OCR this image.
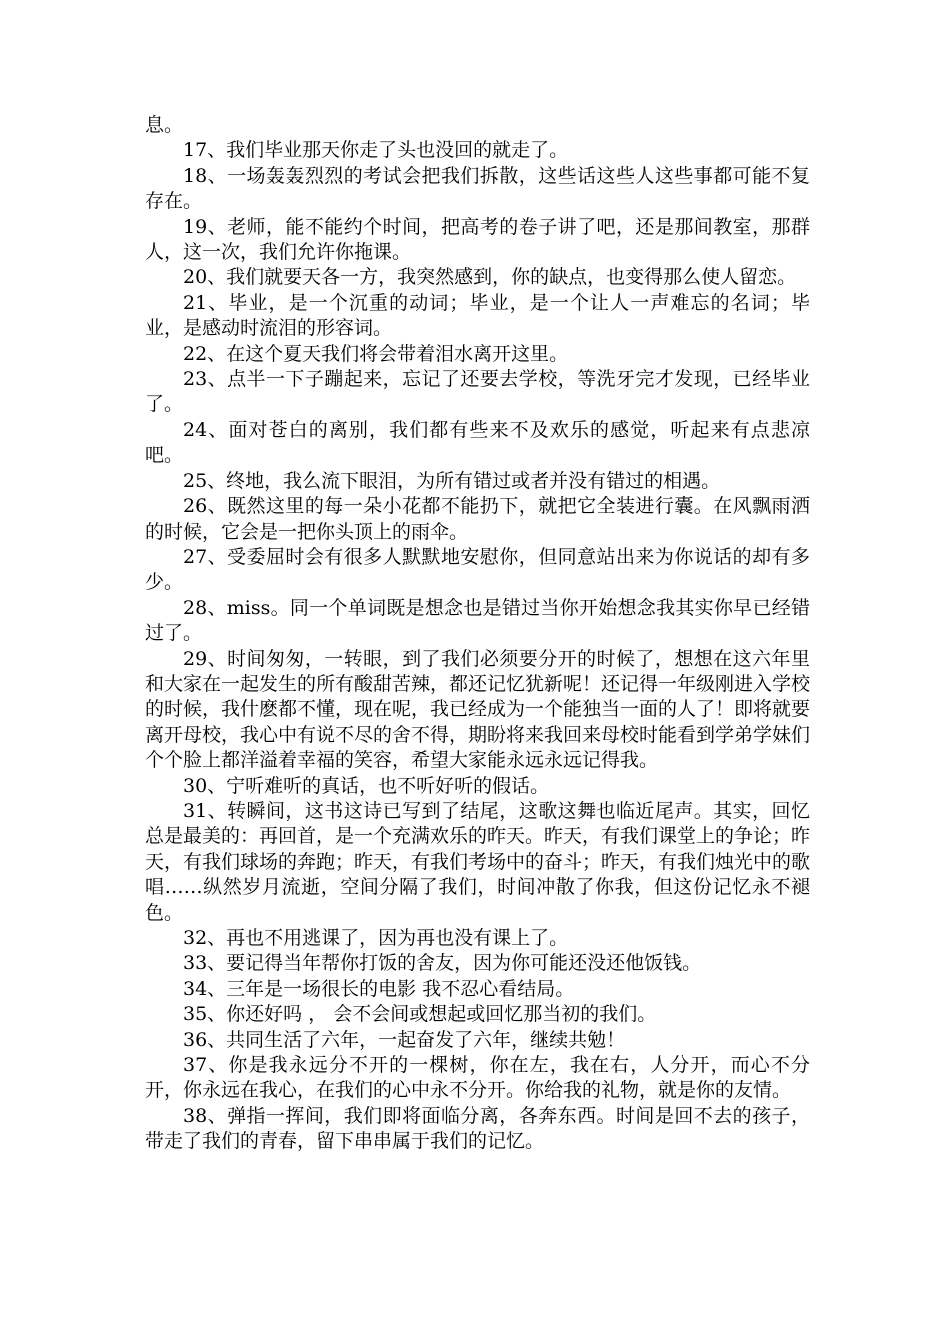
息。

17、我们毕业那天你走了头也没回的就走了。

18、一场轰轰烈烈的考试会把我们拆散，这些话这些人这些事都可能不复存在。

19、老师，能不能约个时间，把高考的卷子讲了吧，还是那间教室，那群人，这一次，我们允许你拖课。

20、我们就要天各一方，我突然感到，你的缺点，也变得那么使人留恋。

21、毕业，是一个沉重的动词；毕业，是一个让人一声难忘的名词；毕业，是感动时流泪的形容词。

22、在这个夏天我们将会带着泪水离开这里。

23、点半一下子蹦起来，忘记了还要去学校，等洗牙完才发现，已经毕业了。

24、面对苍白的离别，我们都有些来不及欢乐的感觉，听起来有点悲凉吧。

25、终地，我么流下眼泪，为所有错过或者并没有错过的相遇。

26、既然这里的每一朵小花都不能扔下，就把它全装进行囊。在风飘雨洒的时候，它会是一把你头顶上的雨伞。

27、受委屈时会有很多人默默地安慰你，但同意站出来为你说话的却有多少。

28、miss。同一个单词既是想念也是错过当你开始想念我其实你早已经错过了。

29、时间匆匆，一转眼，到了我们必须要分开的时候了，想想在这六年里和大家在一起发生的所有酸甜苦辣，都还记忆犹新呢！还记得一年级刚进入学校的时候，我什麽都不懂，现在呢，我已经成为一个能独当一面的人了！即将就要离开母校，我心中有说不尽的舍不得，期盼将来我回来母校时能看到学弟学妹们个个脸上都洋溢着幸福的笑容，希望大家能永远永远记得我。

30、宁听难听的真话，也不听好听的假话。

31、转瞬间，这书这诗已写到了结尾，这歌这舞也临近尾声。其实，回忆总是最美的：再回首，是一个充满欢乐的昨天。昨天，有我们课堂上的争论；昨天，有我们球场的奔跑；昨天，有我们考场中的奋斗；昨天，有我们烛光中的歌唱……纵然岁月流逝，空间分隔了我们，时间冲散了你我，但这份记忆永不褪色。

32、再也不用逃课了，因为再也没有课上了。

33、要记得当年帮你打饭的舍友，因为你可能还没还他饭钱。

34、三年是一场很长的电影 我不忍心看结局。

35、你还好吗 ， 会不会间或想起或回忆那当初的我们。

36、共同生活了六年，一起奋发了六年，继续共勉！

37、你是我永远分不开的一棵树，你在左，我在右，人分开，而心不分开，你永远在我心，在我们的心中永不分开。你给我的礼物，就是你的友情。

38、弹指一挥间，我们即将面临分离，各奔东西。时间是回不去的孩子，带走了我们的青春，留下串串属于我们的记忆。
